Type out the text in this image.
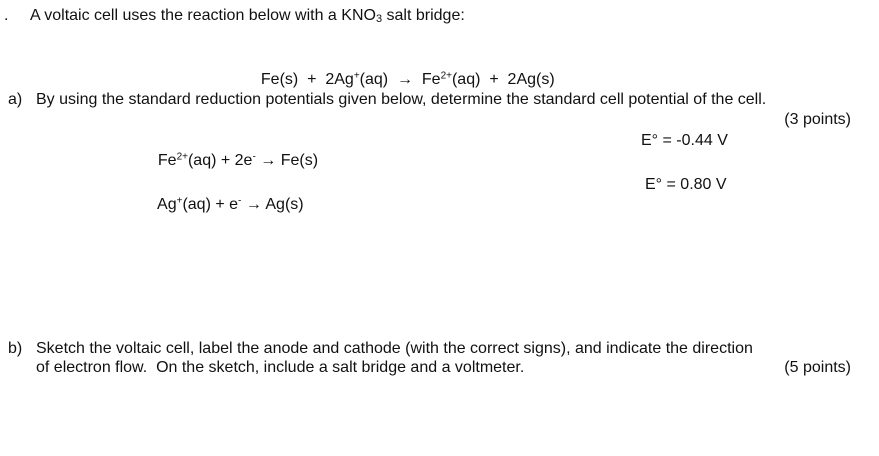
. A voltaic cell uses the reaction below with a $KNO_3$ salt bridge:

$Fe(s) + 2Ag^+(aq) \to Fe^{2+}(aq) + 2Ag(s)$

a) By using the standard reduction potentials given below, determine the standard cell potential of the cell.
(3 points)

$Fe^{2+}(aq) + 2e^- \to Fe(s)$

E° = -0.44 V

Ag+(aq) + e- → Ag(s)

E° = 0.80 V
b) Sketch the voltaic cell, label the anode and cathode (with the correct signs), and indicate the direction
of electron flow.  On the sketch, include a salt bridge and a voltmeter.	(5 points)
